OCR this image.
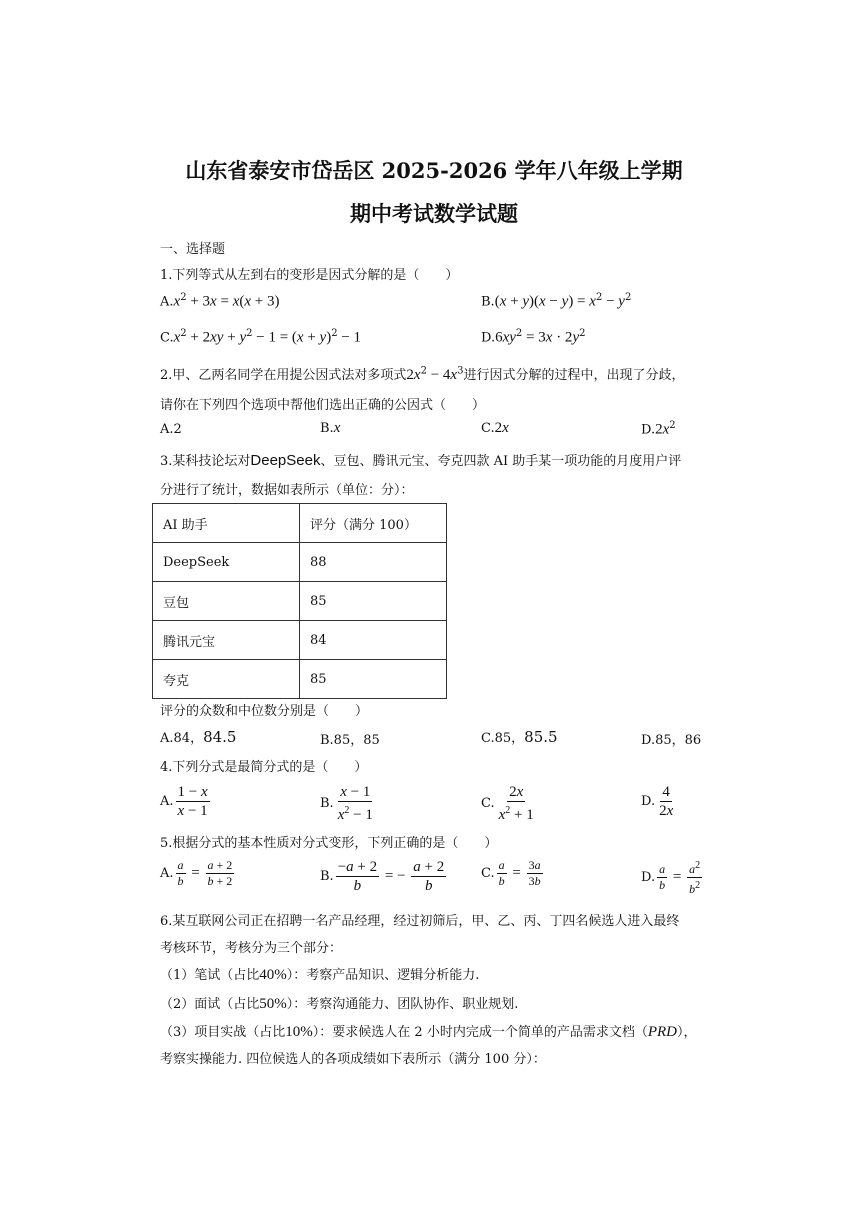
山东省泰安市岱岳区 2025-2026 学年八年级上学期
期中考试数学试题
一、选择题
1.下列等式从左到右的变形是因式分解的是（　　）
$A.x^2 + 3x = x(x + 3)$	$B.(x + y)(x - y) = x^2 - y^2$
$C.x^2 + 2xy + y^2 - 1 = (x + y)^2 - 1$	$D.6xy^2 = 3x \cdot 2y^2$
2.甲、乙两名同学在用提公因式法对多项式$2x^2 - 4x^3$进行因式分解的过程中，出现了分歧，
请你在下列四个选项中帮他们选出正确的公因式（　　）
A.2	B.x	C.2x	$D.2x^2$
3.某科技论坛对DeepSeek、豆包、腾讯元宝、夸克四款 AI 助手某一项功能的月度用户评
分进行了统计，数据如表所示（单位：分）：
AI 助手	评分（满分 100）
DeepSeek	88
豆包	85
腾讯元宝	84
夸克	85
评分的众数和中位数分别是（　　）
A.84，84.5	B.85，85	C.85，85.5	D.85，86
4.下列分式是最简分式的是（　　）
A. $\frac{1 - x}{x - 1}$	B. $\frac{x - 1}{x^2 - 1}$	C. $\frac{2x}{x^2 + 1}$	D. $\frac{4}{2x}$
5.根据分式的基本性质对分式变形，下列正确的是（　　）
A. $\frac{a}{b} = \frac{a + 2}{b + 2}$	B. $\frac{-a + 2}{b}$ = − $\frac{a + 2}{b}$	C. $\frac{a}{b} = \frac{3a}{3b}$	D. $\frac{a}{b} = \frac{a^2}{b^2}$
6.某互联网公司正在招聘一名产品经理，经过初筛后，甲、乙、丙、丁四名候选人进入最终
考核环节，考核分为三个部分：
（1）笔试（占比40%）：考察产品知识、逻辑分析能力.
（2）面试（占比50%）：考察沟通能力、团队协作、职业规划.
（3）项目实战（占比10%）：要求候选人在 2 小时内完成一个简单的产品需求文档（PRD），
考察实操能力. 四位候选人的各项成绩如下表所示（满分 100 分）：
